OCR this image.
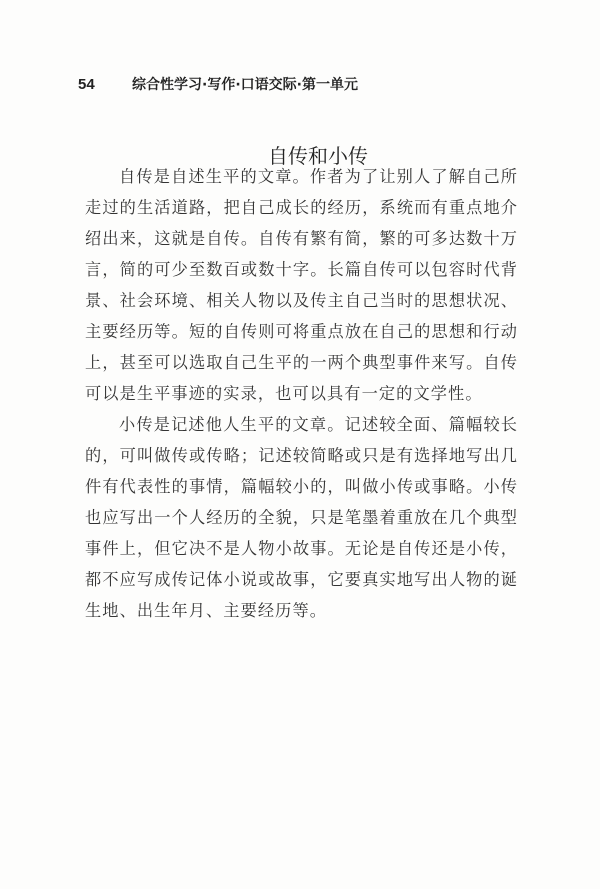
54	综合性学习·写作·口语交际·第一单元
自传和小传
自传是自述生平的文章。作者为了让别人了解自己所
走过的生活道路，把自己成长的经历，系统而有重点地介
绍出来，这就是自传。自传有繁有简，繁的可多达数十万
言，简的可少至数百或数十字。长篇自传可以包容时代背
景、社会环境、相关人物以及传主自己当时的思想状况、
主要经历等。短的自传则可将重点放在自己的思想和行动
上，甚至可以选取自己生平的一两个典型事件来写。自传
可以是生平事迹的实录，也可以具有一定的文学性。
小传是记述他人生平的文章。记述较全面、篇幅较长
的，可叫做传或传略；记述较简略或只是有选择地写出几
件有代表性的事情，篇幅较小的，叫做小传或事略。小传
也应写出一个人经历的全貌，只是笔墨着重放在几个典型
事件上，但它决不是人物小故事。无论是自传还是小传，
都不应写成传记体小说或故事，它要真实地写出人物的诞
生地、出生年月、主要经历等。
